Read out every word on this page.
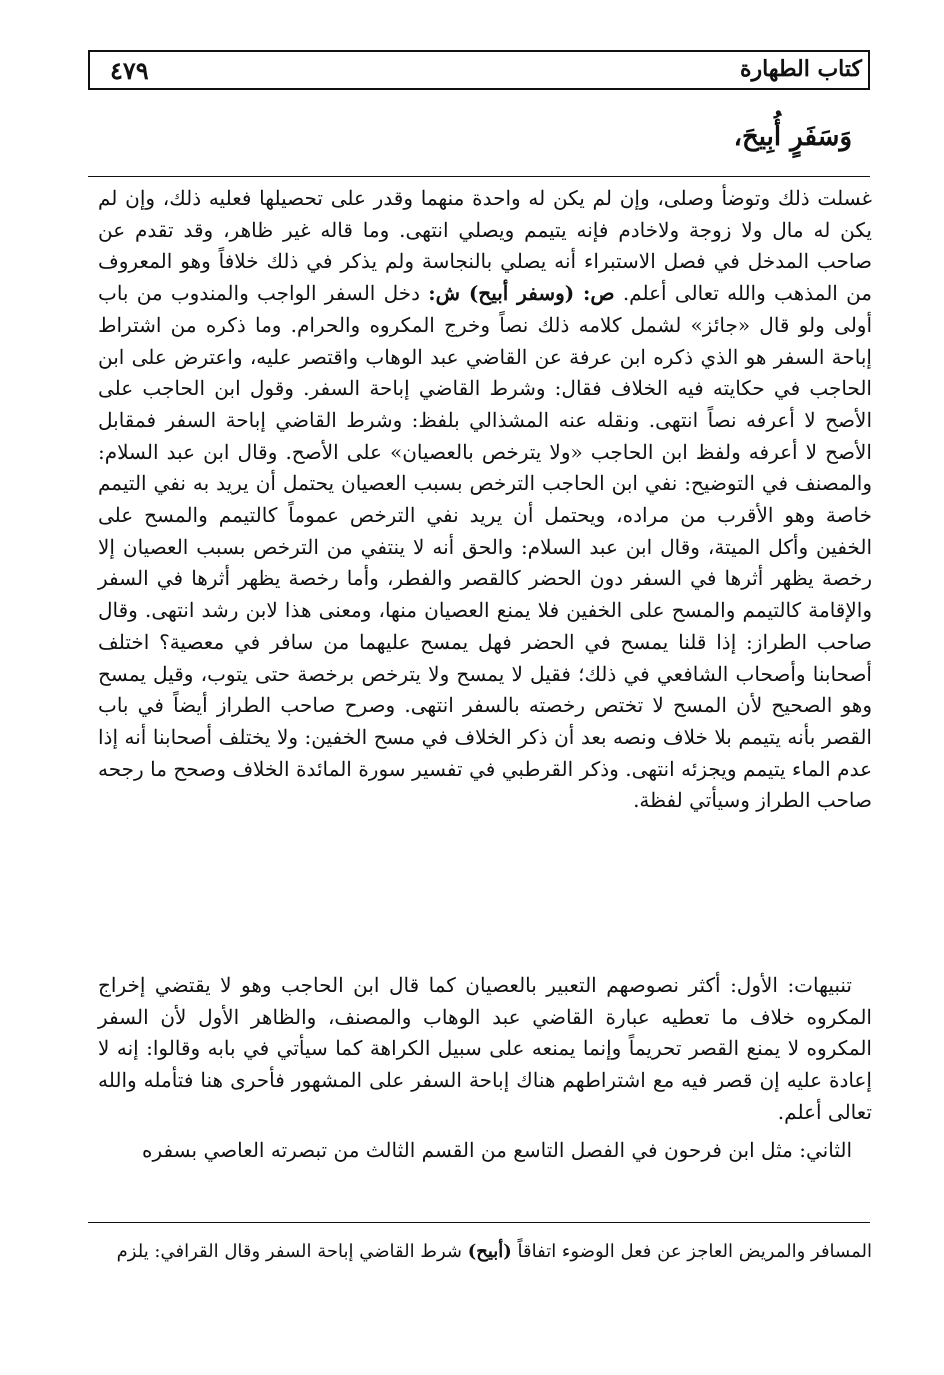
٤٧٩	كتاب الطهارة
وَسَفَرٍ أُبِيحَ،

غسلت ذلك وتوضأ وصلى، وإن لم يكن له واحدة منهما وقدر على تحصيلها فعليه ذلك، وإن لم يكن له مال ولا زوجة ولاخادم فإنه يتيمم ويصلي انتهى. وما قاله غير ظاهر، وقد تقدم عن صاحب المدخل في فصل الاستبراء أنه يصلي بالنجاسة ولم يذكر في ذلك خلافاً وهو المعروف من المذهب والله تعالى أعلم. ص: (وسفر أبيح) ش: دخل السفر الواجب والمندوب من باب أولى ولو قال «جائز» لشمل كلامه ذلك نصاً وخرج المكروه والحرام. وما ذكره من اشتراط إباحة السفر هو الذي ذكره ابن عرفة عن القاضي عبد الوهاب واقتصر عليه، واعترض على ابن الحاجب في حكايته فيه الخلاف فقال: وشرط القاضي إباحة السفر. وقول ابن الحاجب على الأصح لا أعرفه نصاً انتهى. ونقله عنه المشذالي بلفظ: وشرط القاضي إباحة السفر فمقابل الأصح لا أعرفه ولفظ ابن الحاجب «ولا يترخص بالعصيان» على الأصح. وقال ابن عبد السلام: والمصنف في التوضيح: نفي ابن الحاجب الترخص بسبب العصيان يحتمل أن يريد به نفي التيمم خاصة وهو الأقرب من مراده، ويحتمل أن يريد نفي الترخص عموماً كالتيمم والمسح على الخفين وأكل الميتة، وقال ابن عبد السلام: والحق أنه لا ينتفي من الترخص بسبب العصيان إلا رخصة يظهر أثرها في السفر دون الحضر كالقصر والفطر، وأما رخصة يظهر أثرها في السفر والإقامة كالتيمم والمسح على الخفين فلا يمنع العصيان منها، ومعنى هذا لابن رشد انتهى. وقال صاحب الطراز: إذا قلنا يمسح في الحضر فهل يمسح عليهما من سافر في معصية؟ اختلف أصحابنا وأصحاب الشافعي في ذلك؛ فقيل لا يمسح ولا يترخص برخصة حتى يتوب، وقيل يمسح وهو الصحيح لأن المسح لا تختص رخصته بالسفر انتهى. وصرح صاحب الطراز أيضاً في باب القصر بأنه يتيمم بلا خلاف ونصه بعد أن ذكر الخلاف في مسح الخفين: ولا يختلف أصحابنا أنه إذا عدم الماء يتيمم ويجزئه انتهى. وذكر القرطبي في تفسير سورة المائدة الخلاف وصحح ما رجحه صاحب الطراز وسيأتي لفظة.

تنبيهات: الأول: أكثر نصوصهم التعبير بالعصيان كما قال ابن الحاجب وهو لا يقتضي إخراج المكروه خلاف ما تعطيه عبارة القاضي عبد الوهاب والمصنف، والظاهر الأول لأن السفر المكروه لا يمنع القصر تحريماً وإنما يمنعه على سبيل الكراهة كما سيأتي في بابه وقالوا: إنه لا إعادة عليه إن قصر فيه مع اشتراطهم هناك إباحة السفر على المشهور فأحرى هنا فتأمله والله تعالى أعلم.

الثاني: مثل ابن فرحون في الفصل التاسع من القسم الثالث من تبصرته العاصي بسفره

المسافر والمريض العاجز عن فعل الوضوء اتفاقاً (أبيح) شرط القاضي إباحة السفر وقال القرافي: يلزم
